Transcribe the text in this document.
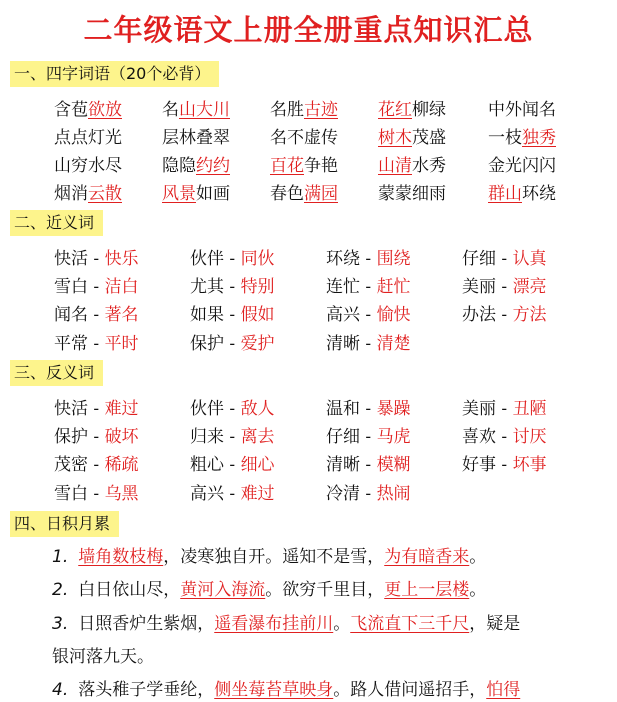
二年级语文上册全册重点知识汇总
一、四字词语（20个必背）
含苞欲放 名山大川 名胜古迹 花红柳绿 中外闻名
点点灯光 层林叠翠 名不虚传 树木茂盛 一枝独秀
山穷水尽 隐隐约约 百花争艳 山清水秀 金光闪闪
烟消云散 风景如画 春色满园 蒙蒙细雨 群山环绕
二、近义词
快活 - 快乐	伙伴 - 同伙	环绕 - 围绕	仔细 - 认真
雪白 - 洁白	尤其 - 特别	连忙 - 赶忙	美丽 - 漂亮
闻名 - 著名	如果 - 假如	高兴 - 愉快	办法 - 方法
平常 - 平时	保护 - 爱护	清晰 - 清楚
三、反义词
快活 - 难过	伙伴 - 敌人	温和 - 暴躁	美丽 - 丑陋
保护 - 破坏	归来 - 离去	仔细 - 马虎	喜欢 - 讨厌
茂密 - 稀疏	粗心 - 细心	清晰 - 模糊	好事 - 坏事
雪白 - 乌黑	高兴 - 难过	冷清 - 热闹
四、日积月累
1. 墙角数枝梅，凌寒独自开。遥知不是雪，为有暗香来。
2. 白日依山尽，黄河入海流。欲穷千里目，更上一层楼。
3. 日照香炉生紫烟，遥看瀑布挂前川。飞流直下三千尺，疑是
银河落九天。
4. 落头稚子学垂纶，侧坐莓苔草映身。路人借问遥招手，怕得
